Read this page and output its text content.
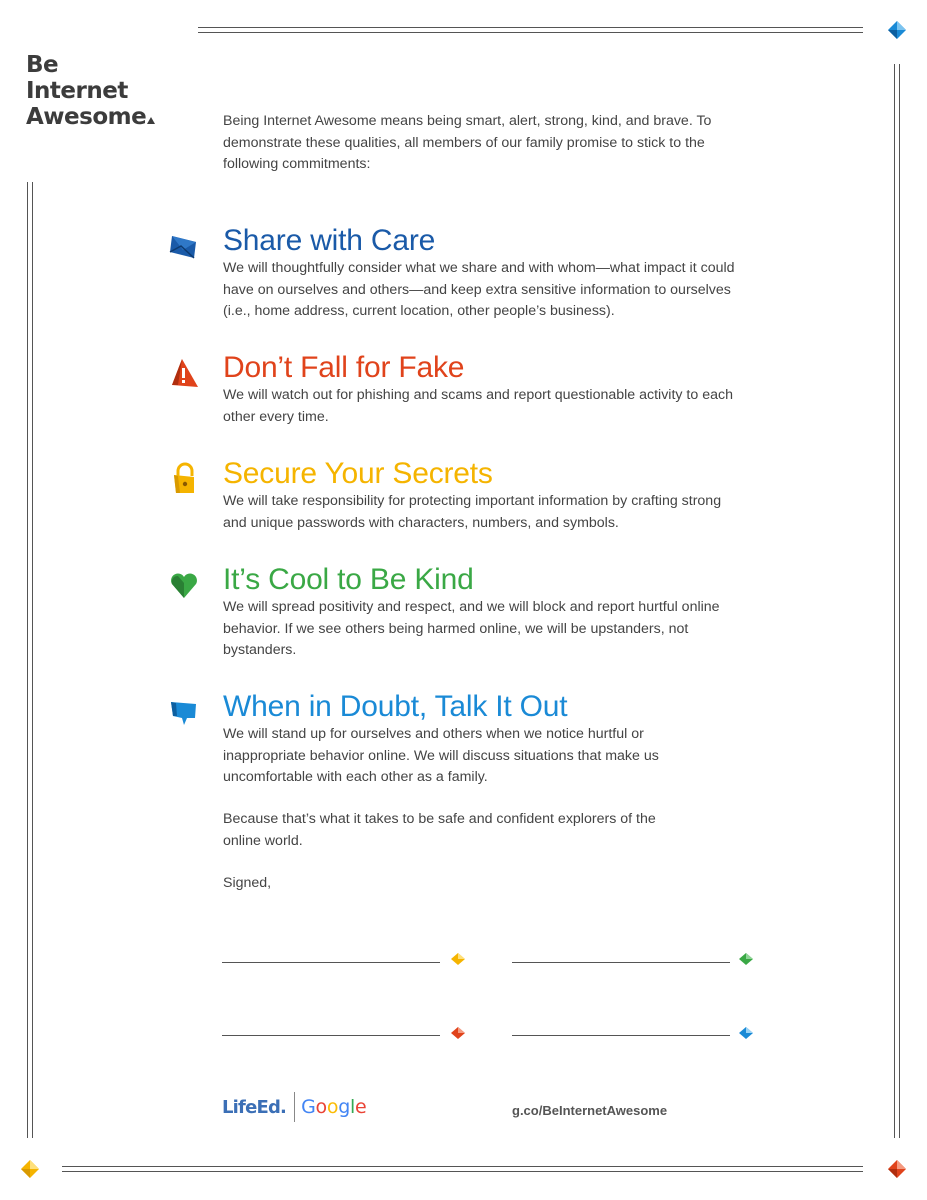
Be
Internet
Awesome	Being Internet Awesome means being smart, alert, strong, kind, and brave. To demonstrate these qualities, all members of our family promise to stick to the following commitments:
Share with Care
We will thoughtfully consider what we share and with whom—what impact it could have on ourselves and others—and keep extra sensitive information to ourselves (i.e., home address, current location, other people’s business).
Don’t Fall for Fake
We will watch out for phishing and scams and report questionable activity to each other every time.
Secure Your Secrets
We will take responsibility for protecting important information by crafting strong and unique passwords with characters, numbers, and symbols.
It’s Cool to Be Kind
We will spread positivity and respect, and we will block and report hurtful online behavior. If we see others being harmed online, we will be upstanders, not bystanders.
When in Doubt, Talk It Out
We will stand up for ourselves and others when we notice hurtful or inappropriate behavior online. We will discuss situations that make us uncomfortable with each other as a family.
Because that’s what it takes to be safe and confident explorers of the online world.
Signed,
LifeEd. Google	g.co/BeInternetAwesome
